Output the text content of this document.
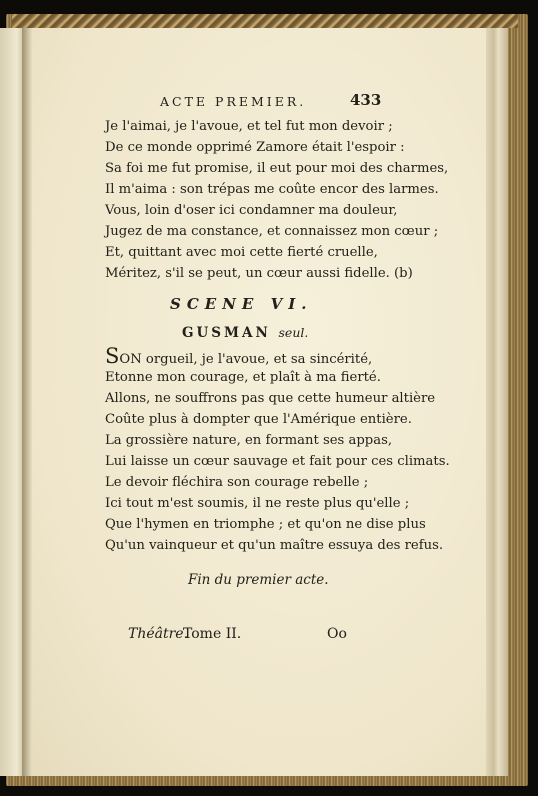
ACTE PREMIER.	433
Je l'aimai, je l'avoue, et tel fut mon devoir ;
De ce monde opprimé Zamore était l'espoir :
Sa foi me fut promise, il eut pour moi des charmes,
Il m'aima : son trépas me coûte encor des larmes.
Vous, loin d'oser ici condamner ma douleur,
Jugez de ma constance, et connaissez mon cœur ;
Et, quittant avec moi cette fierté cruelle,
Méritez, s'il se peut, un cœur aussi fidelle. (b)
SCENE VI.
GUSMAN seul.
SON orgueil, je l'avoue, et sa sincérité,
Etonne mon courage, et plaît à ma fierté.
Allons, ne souffrons pas que cette humeur altière
Coûte plus à dompter que l'Amérique entière.
La grossière nature, en formant ses appas,
Lui laisse un cœur sauvage et fait pour ces climats.
Le devoir fléchira son courage rebelle ;
Ici tout m'est soumis, il ne reste plus qu'elle ;
Que l'hymen en triomphe ; et qu'on ne dise plus
Qu'un vainqueur et qu'un maître essuya des refus.
Fin du premier acte.
Théâtre.
Tome II.	Oo
